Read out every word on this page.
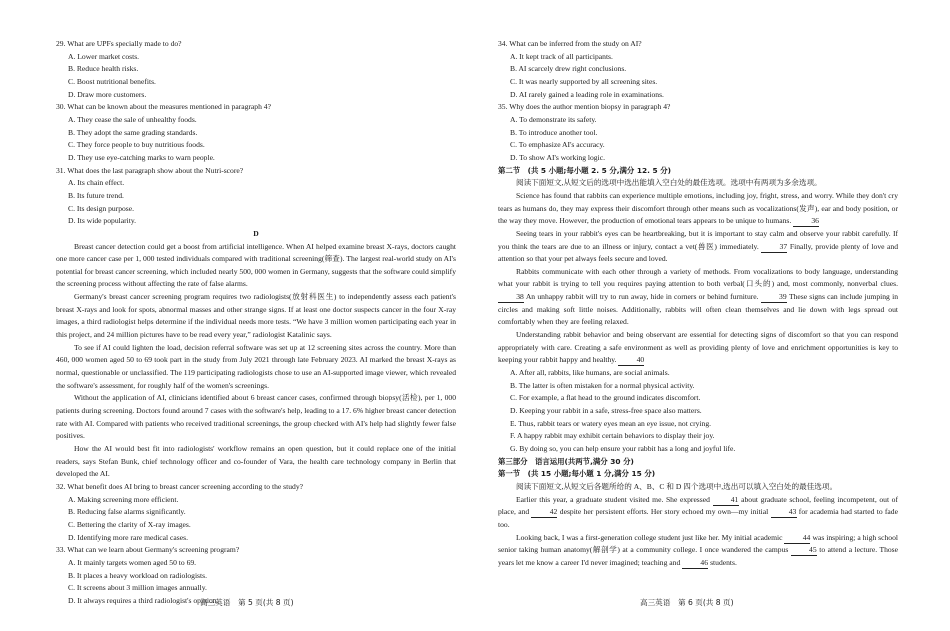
29. What are UPFs specially made to do?

A. Lower market costs.
B. Reduce health risks.
C. Boost nutritional benefits.
D. Draw more customers.

30. What can be known about the measures mentioned in paragraph 4?

A. They cease the sale of unhealthy foods.
B. They adopt the same grading standards.
C. They force people to buy nutritious foods.
D. They use eye-catching marks to warn people.

31. What does the last paragraph show about the Nutri-score?

A. Its chain effect.
B. Its future trend.
C. Its design purpose.
D. Its wide popularity.

D

Breast cancer detection could get a boost from artificial intelligence. When AI helped examine breast X-rays, doctors caught one more cancer case per 1, 000 tested individuals compared with traditional screening(筛查). The largest real-world study on AI's potential for breast cancer screening, which included nearly 500, 000 women in Germany, suggests that the software could simplify the screening process without affecting the rate of false alarms.

Germany's breast cancer screening program requires two radiologists(放射科医生) to independently assess each patient's breast X-rays and look for spots, abnormal masses and other strange signs. If at least one doctor suspects cancer in the four X-ray images, a third radiologist helps determine if the individual needs more tests. “We have 3 million women participating each year in this project, and 24 million pictures have to be read every year,” radiologist Katalinic says.

To see if AI could lighten the load, decision referral software was set up at 12 screening sites across the country. More than 460, 000 women aged 50 to 69 took part in the study from July 2021 through late February 2023. AI marked the breast X-rays as normal, questionable or unclassified. The 119 participating radiologists chose to use an AI-supported image viewer, which revealed the software's assessment, for roughly half of the women's screenings.

Without the application of AI, clinicians identified about 6 breast cancer cases, confirmed through biopsy(活检), per 1, 000 patients during screening. Doctors found around 7 cases with the software's help, leading to a 17. 6% higher breast cancer detection rate with AI. Compared with patients who received traditional screenings, the group checked with AI's help had slightly fewer false positives.

How the AI would best fit into radiologists' workflow remains an open question, but it could replace one of the initial readers, says Stefan Bunk, chief technology officer and co-founder of Vara, the health care technology company in Berlin that developed the AI.

32. What benefit does AI bring to breast cancer screening according to the study?

A. Making screening more efficient.
B. Reducing false alarms significantly.
C. Bettering the clarity of X-ray images.
D. Identifying more rare medical cases.

33. What can we learn about Germany's screening program?

A. It mainly targets women aged 50 to 69.
B. It places a heavy workload on radiologists.
C. It screens about 3 million images annually.
D. It always requires a third radiologist's opinion.

34. What can be inferred from the study on AI?

A. It kept track of all participants.
B. AI scarcely drew right conclusions.
C. It was nearly supported by all screening sites.
D. AI rarely gained a leading role in examinations.

35. Why does the author mention biopsy in paragraph 4?

A. To demonstrate its safety.
B. To introduce another tool.
C. To emphasize AI's accuracy.
D. To show AI's working logic.

第二节　(共 5 小题;每小题 2. 5 分,满分 12. 5 分)

阅读下面短文,从短文后的选项中选出能填入空白处的最佳选项。选项中有两项为多余选项。

Science has found that rabbits can experience multiple emotions, including joy, fright, stress, and worry. While they don't cry tears as humans do, they may express their discomfort through other means such as vocalizations(发声), ear and body position, or the way they move. However, the production of emotional tears appears to be unique to humans.	36

Seeing tears in your rabbit's eyes can be heartbreaking, but it is important to stay calm and observe your rabbit carefully. If you think the tears are due to an illness or injury, contact a vet(兽医) immediately.	37 Finally, provide plenty of love and attention so that your pet always feels secure and loved.

Rabbits communicate with each other through a variety of methods. From vocalizations to body language, understanding what your rabbit is trying to tell you requires paying attention to both verbal(口头的) and, most commonly, nonverbal clues. 38 An unhappy rabbit will try to run away, hide in corners or behind furniture.	39 These signs can include jumping in circles and making soft little noises. Additionally, rabbits will often clean themselves and lie down with legs spread out comfortably when they are feeling relaxed.

Understanding rabbit behavior and being observant are essential for detecting signs of discomfort so that you can respond appropriately with care. Creating a safe environment as well as providing plenty of love and enrichment opportunities is key to keeping your rabbit happy and healthy.	40

A. After all, rabbits, like humans, are social animals.

B. The latter is often mistaken for a normal physical activity.

C. For example, a flat head to the ground indicates discomfort.

D. Keeping your rabbit in a safe, stress-free space also matters.

E. Thus, rabbit tears or watery eyes mean an eye issue, not crying.

F. A happy rabbit may exhibit certain behaviors to display their joy.

G. By doing so, you can help ensure your rabbit has a long and joyful life.

第三部分　语言运用(共两节,满分 30 分)

第一节　(共 15 小题;每小题 1 分,满分 15 分)

阅读下面短文,从短文后各题所给的 A、B、C 和 D 四个选项中,选出可以填入空白处的最佳选项。

Earlier this year, a graduate student visited me. She expressed	41 about graduate school, feeling incompetent, out of place, and	42 despite her persistent efforts. Her story echoed my own—my initial	43 for academia had started to fade too.

Looking back, I was a first-generation college student just like her. My initial academic	44 was inspiring; a high school senior taking human anatomy(解剖学) at a community college. I once wandered the campus	45 to attend a lecture. Those years let me know a career I'd never imagined; teaching and	46 students.

高三英语　第 5 页(共 8 页)	高三英语　第 6 页(共 8 页)
